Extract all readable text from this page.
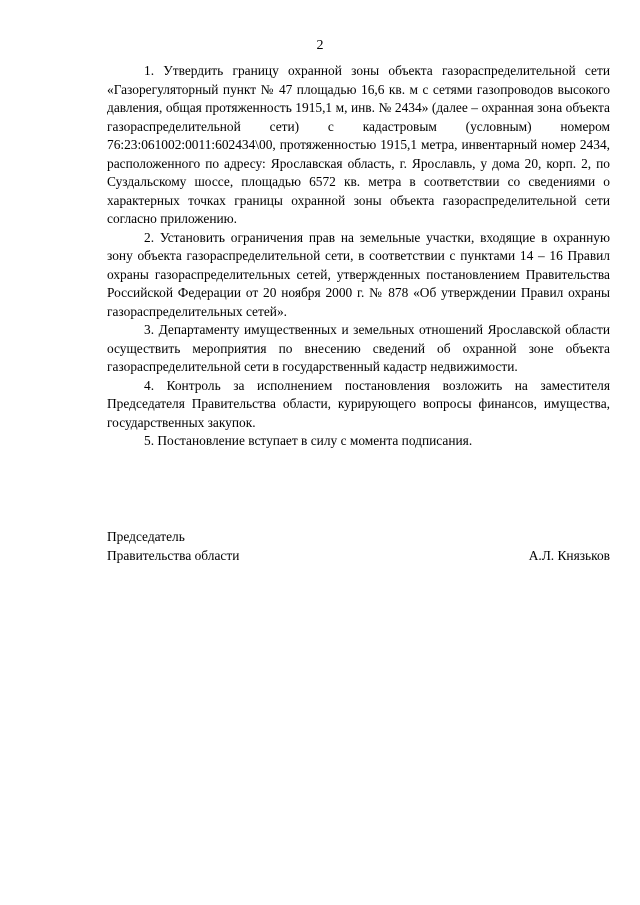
2

1. Утвердить границу охранной зоны объекта газораспределительной сети «Газорегуляторный пункт № 47 площадью 16,6 кв. м с сетями газопроводов высокого давления, общая протяженность 1915,1 м, инв. № 2434» (далее – охранная зона объекта газораспределительной сети) с кадастровым (условным) номером 76:23:061002:0011:602434\00, протяженностью 1915,1 метра, инвентарный номер 2434, расположенного по адресу: Ярославская область, г. Ярославль, у дома 20, корп. 2, по Суздальскому шоссе, площадью 6572 кв. метра в соответствии со сведениями о характерных точках границы охранной зоны объекта газораспределительной сети согласно приложению.

2. Установить ограничения прав на земельные участки, входящие в охранную зону объекта газораспределительной сети, в соответствии с пунктами 14 – 16 Правил охраны газораспределительных сетей, утвержденных постановлением Правительства Российской Федерации от 20 ноября 2000 г. № 878 «Об утверждении Правил охраны газораспределительных сетей».

3. Департаменту имущественных и земельных отношений Ярославской области осуществить мероприятия по внесению сведений об охранной зоне объекта газораспределительной сети в государственный кадастр недвижимости.

4. Контроль за исполнением постановления возложить на заместителя Председателя Правительства области, курирующего вопросы финансов, имущества, государственных закупок.

5. Постановление вступает в силу с момента подписания.

Председатель
Правительства области	А.Л. Князьков
